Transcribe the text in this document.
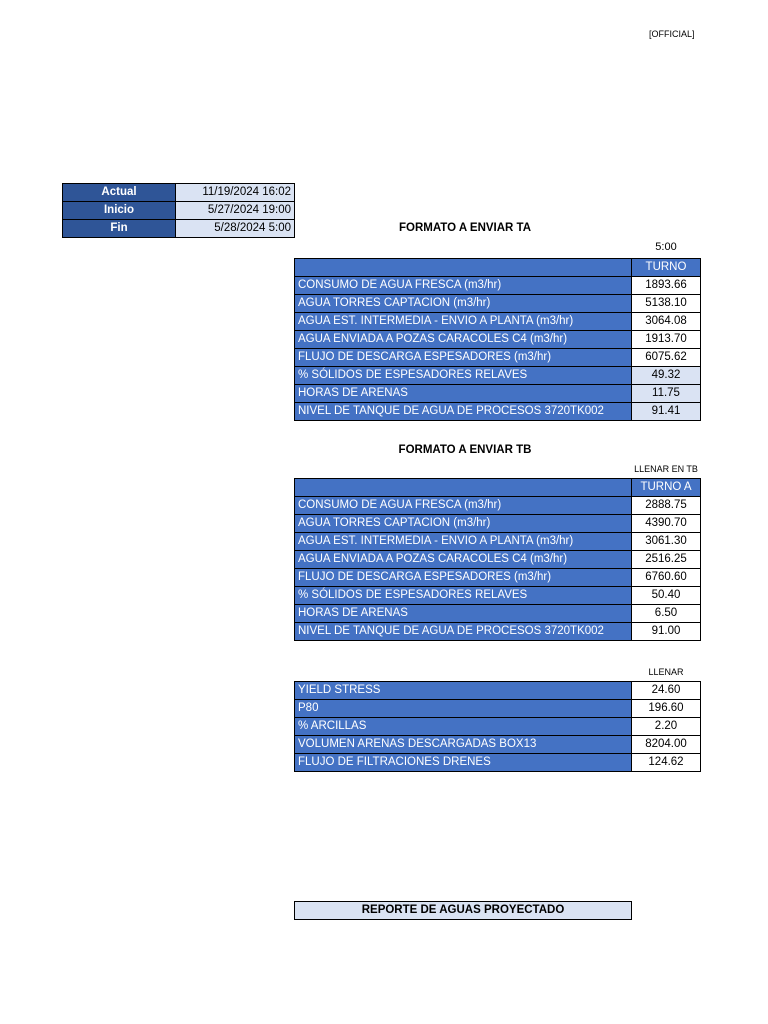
[OFFICIAL]
Actual	11/19/2024 16:02
Inicio	5/27/2024 19:00
Fin	5/28/2024 5:00	FORMATO A ENVIAR TA
5:00
	TURNO
CONSUMO DE AGUA FRESCA (m3/hr)	1893.66
AGUA TORRES CAPTACION (m3/hr)	5138.10
AGUA EST. INTERMEDIA - ENVIO A PLANTA (m3/hr)	3064.08
AGUA ENVIADA A POZAS CARACOLES C4 (m3/hr)	1913.70
FLUJO DE DESCARGA ESPESADORES (m3/hr)	6075.62
% SÓLIDOS DE ESPESADORES RELAVES	49.32
HORAS DE ARENAS	11.75
NIVEL DE TANQUE DE AGUA DE PROCESOS 3720TK002	91.41
FORMATO A ENVIAR TB
LLENAR EN TB
	TURNO A
CONSUMO DE AGUA FRESCA (m3/hr)	2888.75
AGUA TORRES CAPTACION (m3/hr)	4390.70
AGUA EST. INTERMEDIA - ENVIO A PLANTA (m3/hr)	3061.30
AGUA ENVIADA A POZAS CARACOLES C4 (m3/hr)	2516.25
FLUJO DE DESCARGA ESPESADORES (m3/hr)	6760.60
% SÓLIDOS DE ESPESADORES RELAVES	50.40
HORAS DE ARENAS	6.50
NIVEL DE TANQUE DE AGUA DE PROCESOS 3720TK002	91.00
LLENAR
YIELD STRESS	24.60
P80	196.60
% ARCILLAS	2.20
VOLUMEN ARENAS DESCARGADAS BOX13	8204.00
FLUJO DE FILTRACIONES DRENES	124.62
REPORTE DE AGUAS PROYECTADO
